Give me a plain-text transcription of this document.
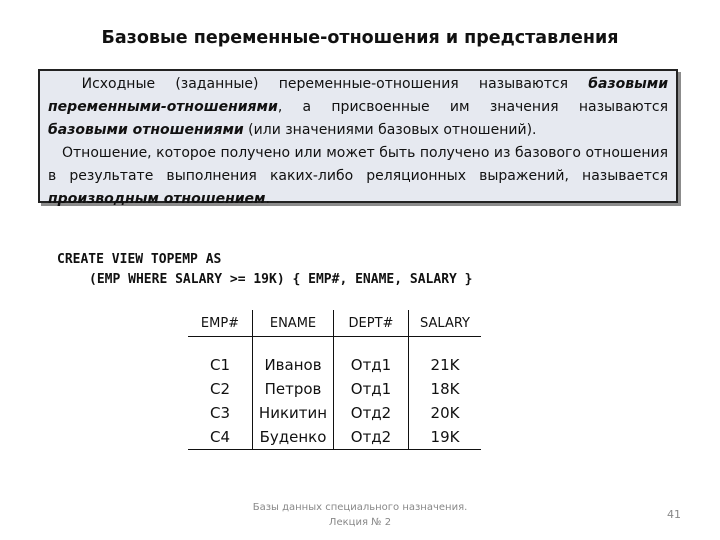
Базовые переменные-отношения и представления

Исходные (заданные) переменные-отношения называются базовыми переменными-отношениями, а присвоенные им значения называются базовыми отношениями (или значениями базовых отношений).

Отношение, которое получено или может быть получено из базового отношения в результате выполнения каких-либо реляционных выражений, называется производным отношением.

CREATE VIEW TOPEMP AS
(EMP WHERE SALARY >= 19K) { EMP#, ENAME, SALARY }
EMP#	ENAME	DEPT#	SALARY
С1	Иванов	Отд1	21K
С2	Петров	Отд1	18K
С3	Никитин	Отд2	20K
С4	Буденко	Отд2	19K
Базы данных специального назначения.
Лекция № 2
41
